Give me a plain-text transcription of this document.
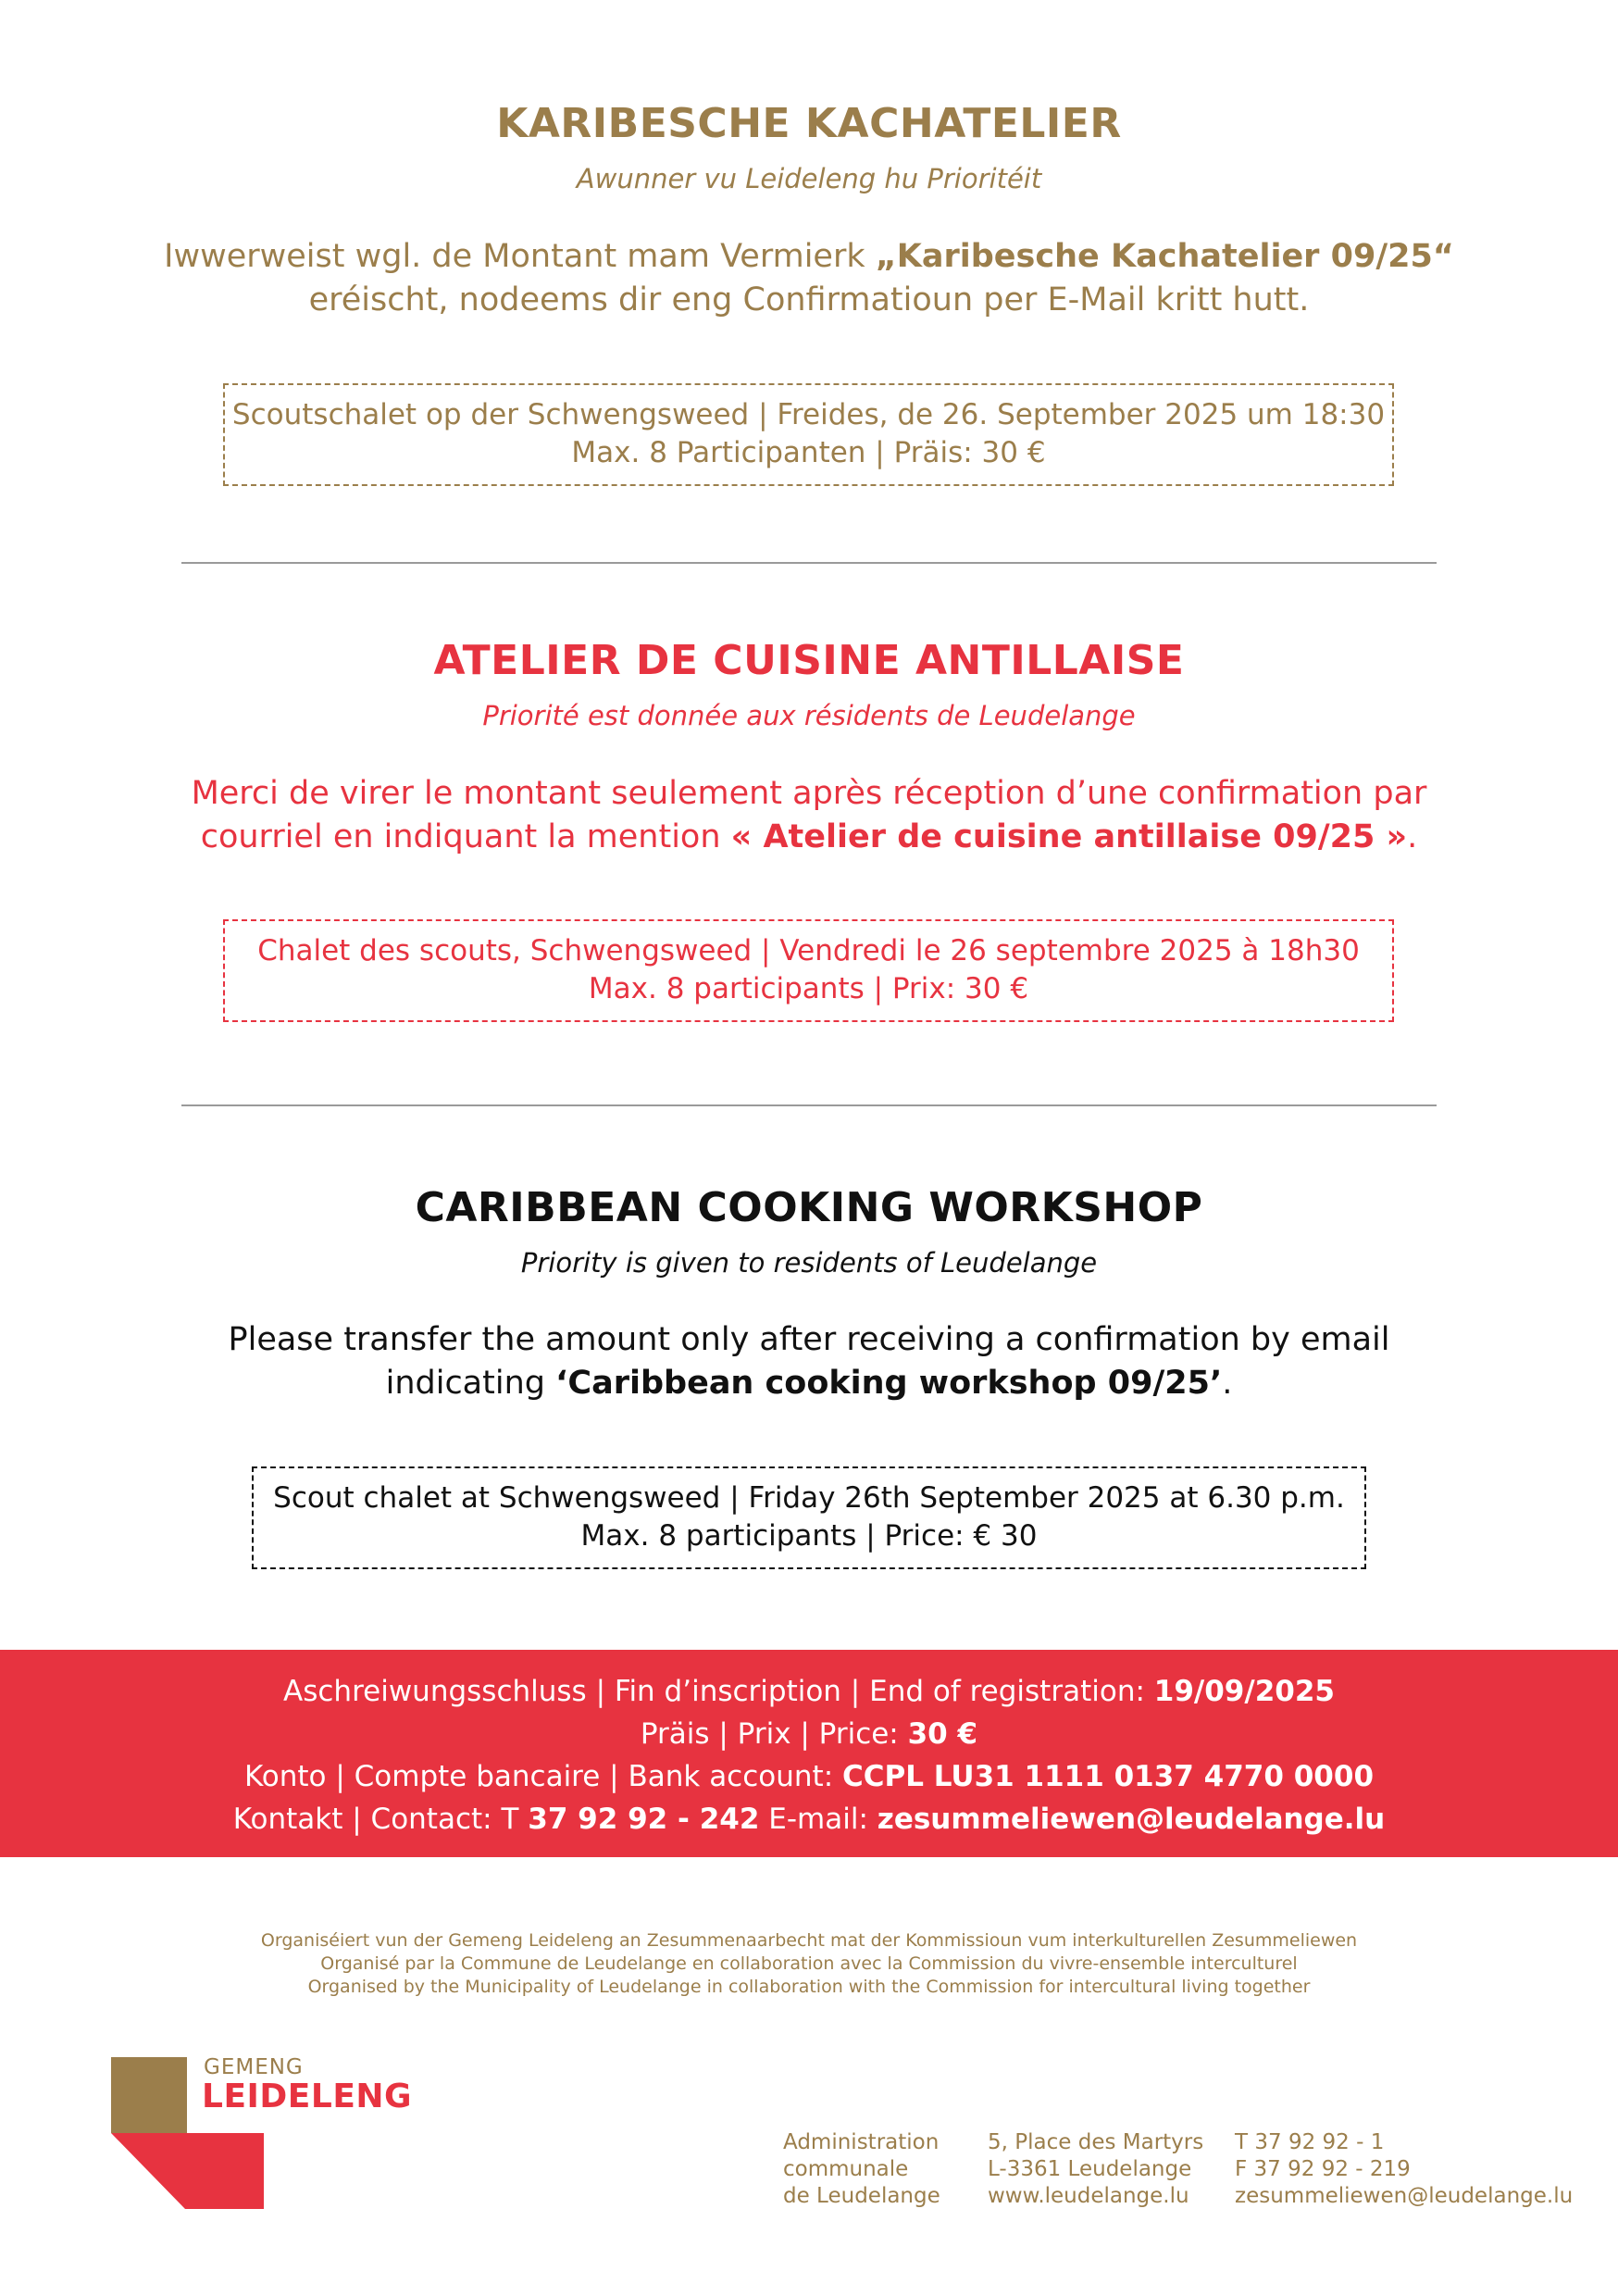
KARIBESCHE KACHATELIER
Awunner vu Leideleng hu Prioritéit
Iwwerweist wgl. de Montant mam Vermierk „Karibesche Kachatelier 09/25“
eréischt, nodeems dir eng Confirmatioun per E-Mail kritt hutt.
Scoutschalet op der Schwengsweed | Freides, de 26. September 2025 um 18:30
Max. 8 Participanten | Präis: 30 €
ATELIER DE CUISINE ANTILLAISE
Priorité est donnée aux résidents de Leudelange
Merci de virer le montant seulement après réception d’une confirmation par
courriel en indiquant la mention « Atelier de cuisine antillaise 09/25 ».
Chalet des scouts, Schwengsweed | Vendredi le 26 septembre 2025 à 18h30
Max. 8 participants | Prix: 30 €
CARIBBEAN COOKING WORKSHOP
Priority is given to residents of Leudelange
Please transfer the amount only after receiving a confirmation by email
indicating ‘Caribbean cooking workshop 09/25’.
Scout chalet at Schwengsweed | Friday 26th September 2025 at 6.30 p.m.
Max. 8 participants | Price: € 30
Aschreiwungsschluss | Fin d’inscription | End of registration: 19/09/2025
Präis | Prix | Price: 30 €
Konto | Compte bancaire | Bank account: CCPL LU31 1111 0137 4770 0000
Kontakt | Contact: T 37 92 92 - 242 E-mail: zesummeliewen@leudelange.lu
Organiséiert vun der Gemeng Leideleng an Zesummenaarbecht mat der Kommissioun vum interkulturellen Zesummeliewen
Organisé par la Commune de Leudelange en collaboration avec la Commission du vivre-ensemble interculturel
Organised by the Municipality of Leudelange in collaboration with the Commission for intercultural living together
GEMENG
LEIDELENG
Administration
communale
de Leudelange
5, Place des Martyrs
L-3361 Leudelange
www.leudelange.lu
T 37 92 92 - 1
F 37 92 92 - 219
zesummeliewen@leudelange.lu
